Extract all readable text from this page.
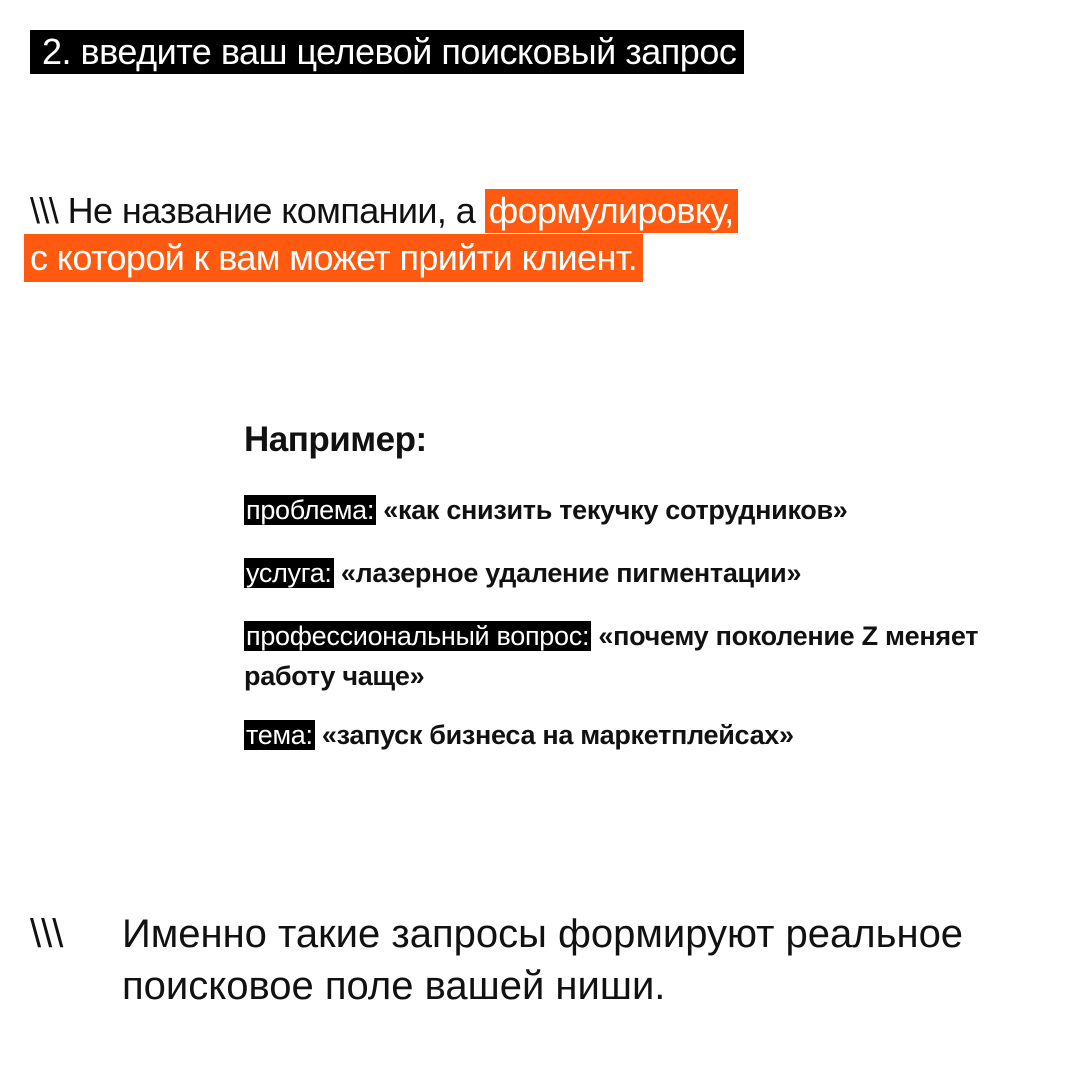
2. введите ваш целевой поисковый запрос
\\\ Не название компании, а формулировку,
с которой к вам может прийти клиент.
Например:
проблема: «как снизить текучку сотрудников»
услуга: «лазерное удаление пигментации»
профессиональный вопрос: «почему поколение Z меняет работу чаще»
тема: «запуск бизнеса на маркетплейсах»
\\\	Именно такие запросы формируют реальное поисковое поле вашей ниши.
